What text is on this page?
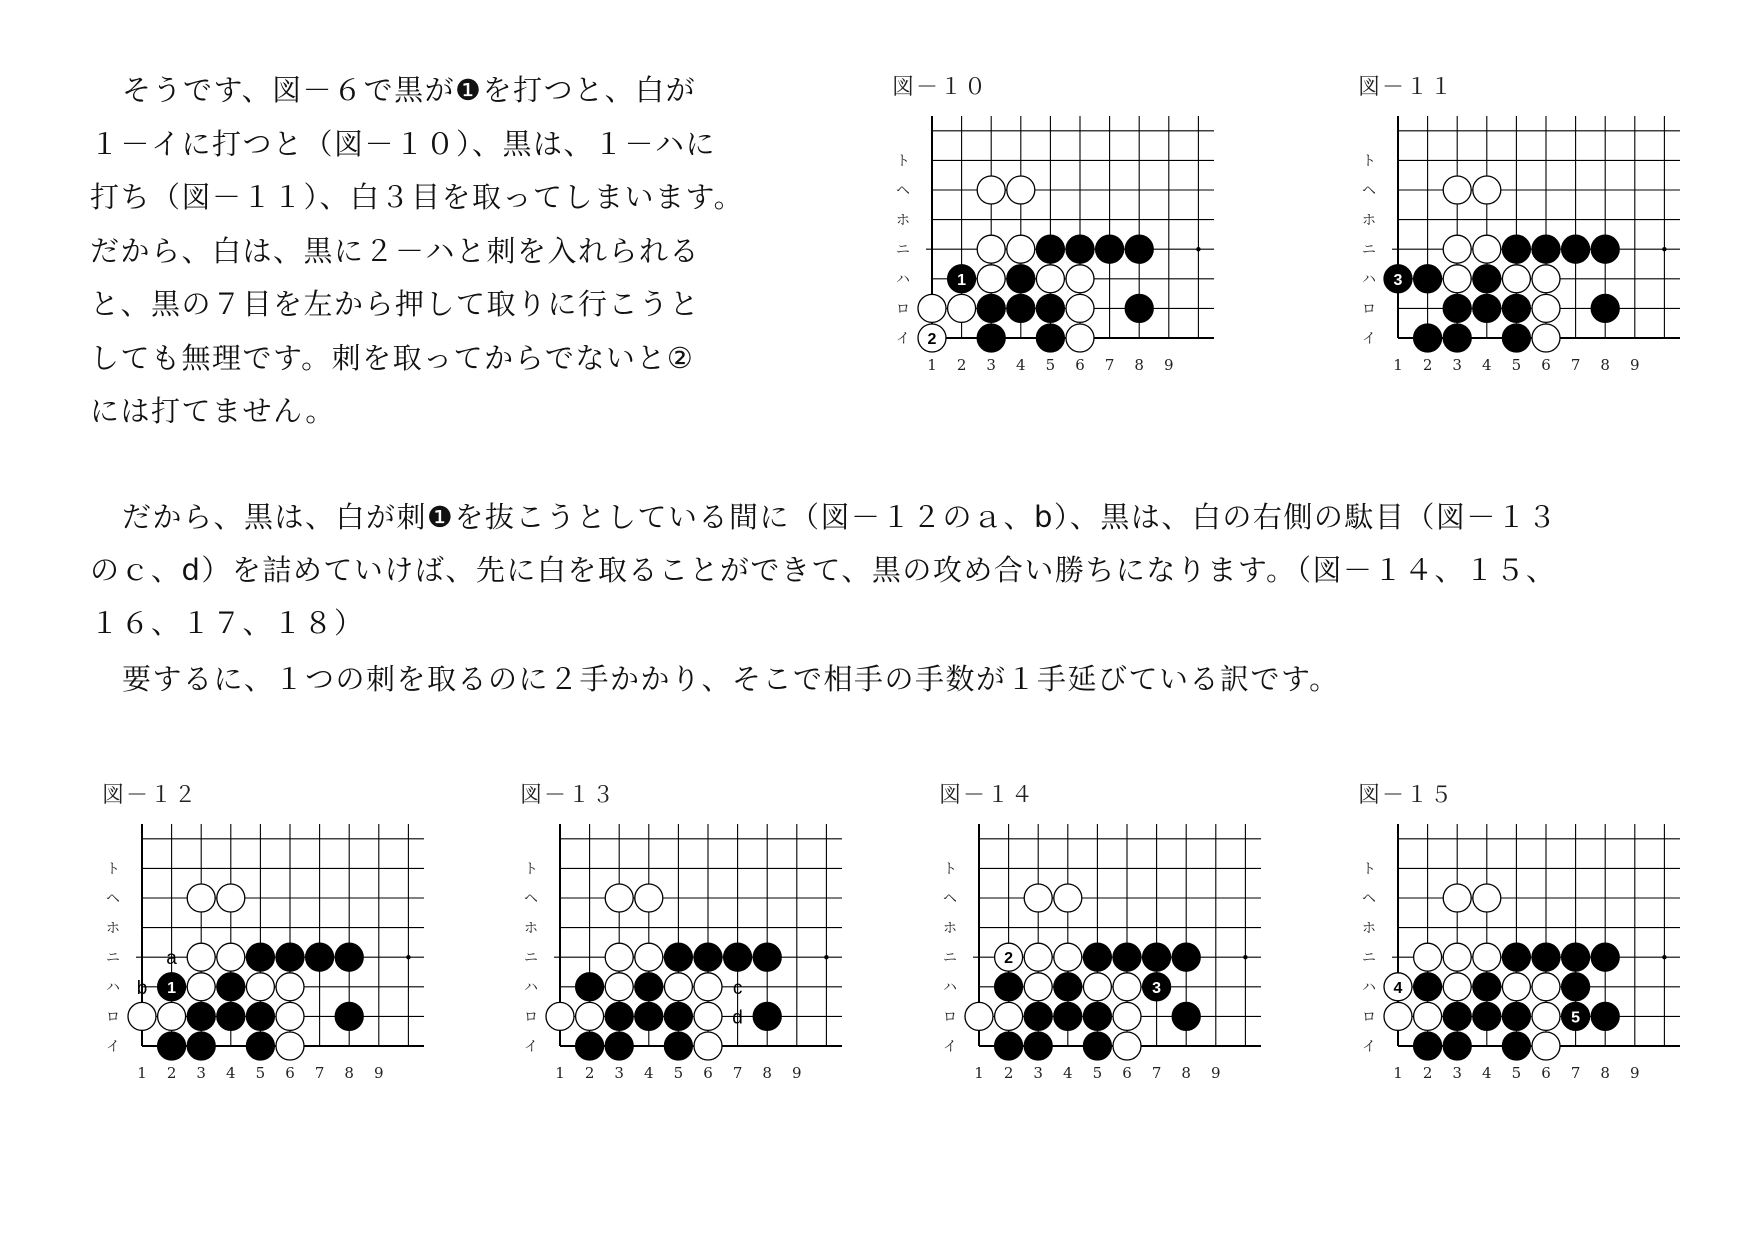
そうです、図－６で黒が❶を打つと、白が
１－イに打つと（図－１０）、黒は、１－ハに
打ち（図－１１）、白３目を取ってしまいます。
だから、白は、黒に２－ハと刺を入れられる
と、黒の７目を左から押して取りに行こうと
しても無理です。刺を取ってからでないと②
には打てません。
だから、黒は、白が刺❶を抜こうとしている間に（図－１２のａ、b）、黒は、白の右側の駄目（図－１３
のｃ、d）を詰めていけば、先に白を取ることができて、黒の攻め合い勝ちになります。（図－１４、１５、
１６、１７、１８）
要するに、１つの刺を取るのに２手かかり、そこで相手の手数が１手延びている訳です。
図－１０
イ
ロ
ハ
ニ
ホ
ヘ
ト
1 2 3 4 5 6 7 8 9
1
2
図－１１
イ
ロ
ハ
ニ
ホ
ヘ
ト
1 2 3 4 5 6 7 8 9
3
図－１２
イ
ロ
ハ
ニ
ホ
ヘ
ト
1 2 3 4 5 6 7 8 9
1
a
b
図－１３
イ
ロ
ハ
ニ
ホ
ヘ
ト
1 2 3 4 5 6 7 8 9
c
d
図－１４
イ
ロ
ハ
ニ
ホ
ヘ
ト
1 2 3 4 5 6 7 8 9
2
3
図－１５
イ
ロ
ハ
ニ
ホ
ヘ
ト
1 2 3 4 5 6 7 8 9
4
5
